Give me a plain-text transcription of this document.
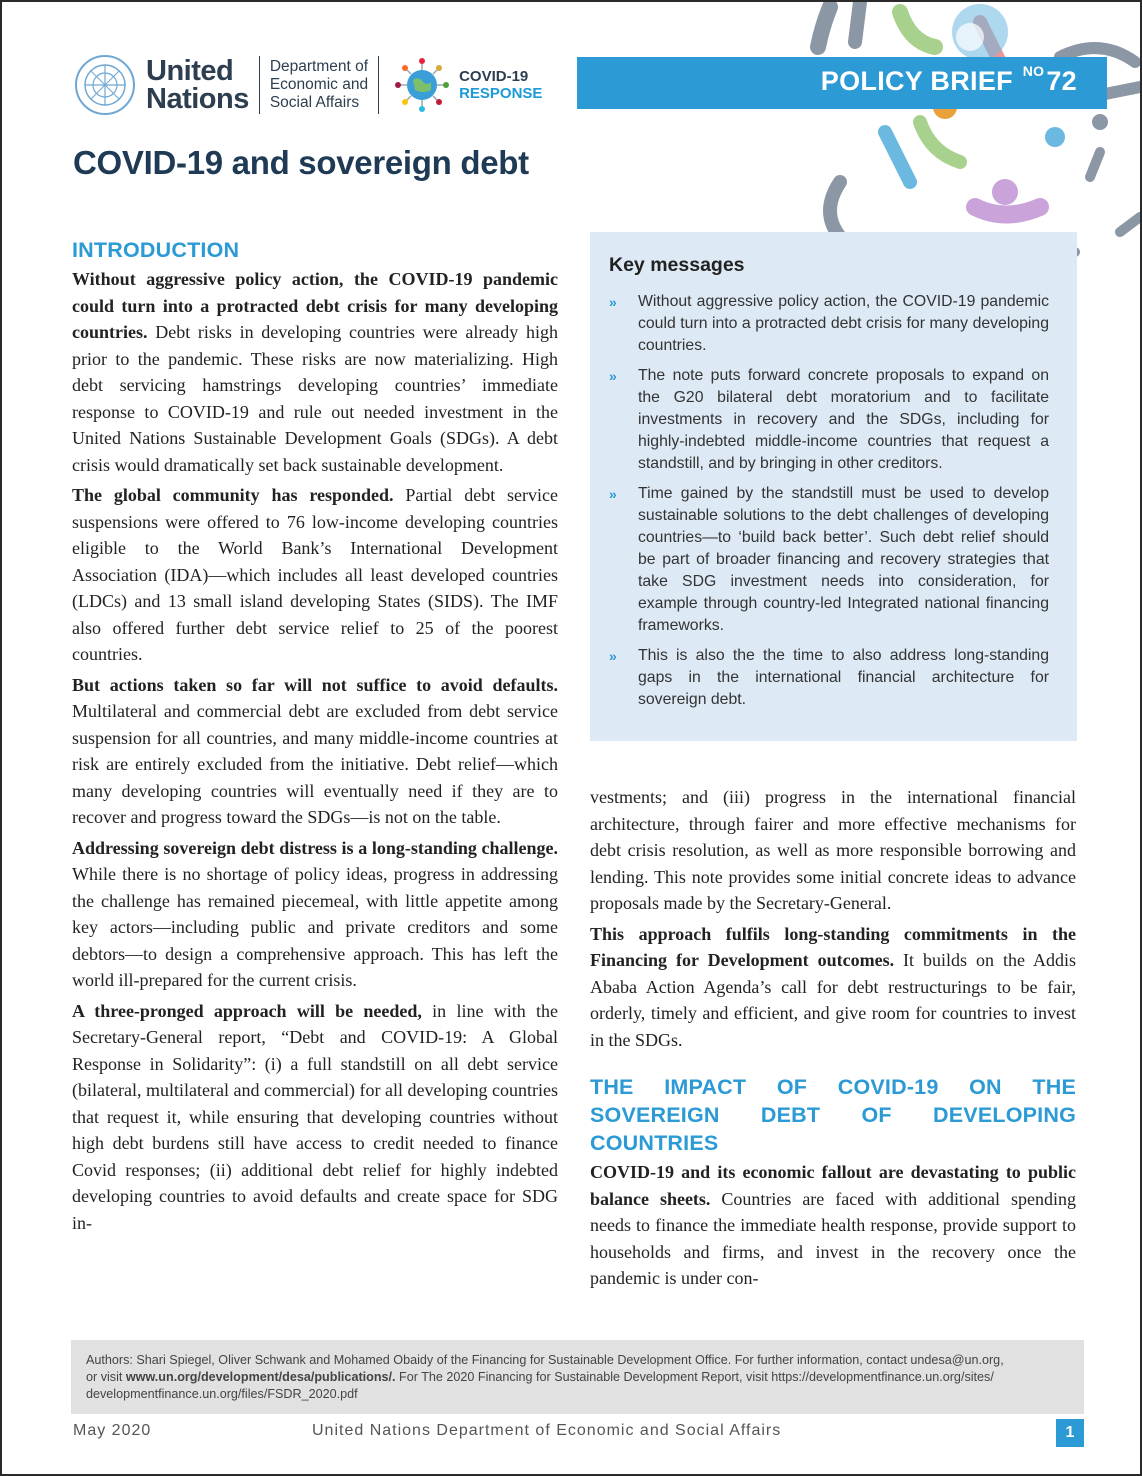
United
Nations
Department of
Economic and
Social Affairs
COVID-19
RESPONSE	POLICY BRIEF $^{NO}$72
COVID-19 and sovereign debt
INTRODUCTION

Without aggressive policy action, the COVID-19 pandemic could turn into a protracted debt crisis for many developing countries. Debt risks in developing countries were already high prior to the pandemic. These risks are now materializing. High debt servicing hamstrings developing countries’ immediate response to COVID-19 and rule out needed investment in the United Nations Sustainable Development Goals (SDGs). A debt crisis would dramatically set back sustainable development.

The global community has responded. Partial debt service suspensions were offered to 76 low-income developing countries eligible to the World Bank’s International Development Association (IDA)—which includes all least developed countries (LDCs) and 13 small island developing States (SIDS). The IMF also offered further debt service relief to 25 of the poorest countries.

But actions taken so far will not suffice to avoid defaults. Multilateral and commercial debt are excluded from debt service suspension for all countries, and many middle-income countries at risk are entirely excluded from the initiative. Debt relief—which many developing countries will eventually need if they are to recover and progress toward the SDGs—is not on the table.

Addressing sovereign debt distress is a long-standing challenge. While there is no shortage of policy ideas, progress in addressing the challenge has remained piecemeal, with little appetite among key actors—including public and private creditors and some debtors—to design a comprehensive approach. This has left the world ill-prepared for the current crisis.

A three-pronged approach will be needed, in line with the Secretary-General report, “Debt and COVID-19: A Global Response in Solidarity”: (i) a full standstill on all debt service (bilateral, multilateral and commercial) for all developing countries that request it, while ensuring that developing countries without high debt burdens still have access to credit needed to finance Covid responses; (ii) additional debt relief for highly indebted developing countries to avoid defaults and create space for SDG in-

Key messages
»	Without aggressive policy action, the COVID-19 pandemic could turn into a protracted debt crisis for many developing countries.
»	The note puts forward concrete proposals to expand on the G20 bilateral debt moratorium and to facilitate investments in recovery and the SDGs, including for highly-indebted middle-income countries that request a standstill, and by bringing in other creditors.
»	Time gained by the standstill must be used to develop sustainable solutions to the debt challenges of developing countries—to ‘build back better’. Such debt relief should be part of broader financing and recovery strategies that take SDG investment needs into consideration, for example through country-led Integrated national financing frameworks.
»	This is also the the time to also address long-standing gaps in the international financial architecture for sovereign debt.

vestments; and (iii) progress in the international financial architecture, through fairer and more effective mechanisms for debt crisis resolution, as well as more responsible borrowing and lending. This note provides some initial concrete ideas to advance proposals made by the Secretary-General.

This approach fulfils long-standing commitments in the Financing for Development outcomes. It builds on the Addis Ababa Action Agenda’s call for debt restructurings to be fair, orderly, timely and efficient, and give room for countries to invest in the SDGs.

THE IMPACT OF COVID-19 ON THE SOVEREIGN DEBT OF DEVELOPING COUNTRIES

COVID-19 and its economic fallout are devastating to public balance sheets. Countries are faced with additional spending needs to finance the immediate health response, provide support to households and firms, and invest in the recovery once the pandemic is under con-

Authors: Shari Spiegel, Oliver Schwank and Mohamed Obaidy of the Financing for Sustainable Development Office. For further information, contact undesa@un.org,
or visit www.un.org/development/desa/publications/. For The 2020 Financing for Sustainable Development Report, visit https://developmentfinance.un.org/sites/
developmentfinance.un.org/files/FSDR_2020.pdf
May 2020	United Nations Department of Economic and Social Affairs	1
